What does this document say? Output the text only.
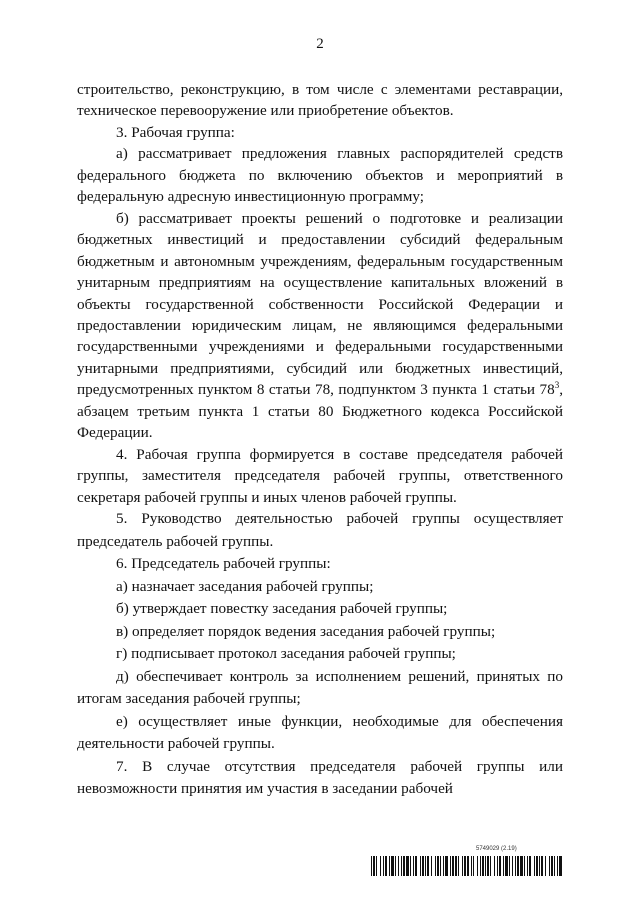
2

строительство, реконструкцию, в том числе с элементами реставрации, техническое перевооружение или приобретение объектов.

3. Рабочая группа:

а) рассматривает предложения главных распорядителей средств федерального бюджета по включению объектов и мероприятий в федеральную адресную инвестиционную программу;

б) рассматривает проекты решений о подготовке и реализации бюджетных инвестиций и предоставлении субсидий федеральным бюджетным и автономным учреждениям, федеральным государственным унитарным предприятиям на осуществление капитальных вложений в объекты государственной собственности Российской Федерации и предоставлении юридическим лицам, не являющимся федеральными государственными учреждениями и федеральными государственными унитарными предприятиями, субсидий или бюджетных инвестиций, предусмотренных пунктом 8 статьи 78, подпунктом 3 пункта 1 статьи $78^3$, абзацем третьим пункта 1 статьи 80 Бюджетного кодекса Российской Федерации.

4. Рабочая группа формируется в составе председателя рабочей группы, заместителя председателя рабочей группы, ответственного секретаря рабочей группы и иных членов рабочей группы.

5. Руководство деятельностью рабочей группы осуществляет председатель рабочей группы.

6. Председатель рабочей группы:

а) назначает заседания рабочей группы;

б) утверждает повестку заседания рабочей группы;

в) определяет порядок ведения заседания рабочей группы;

г) подписывает протокол заседания рабочей группы;

д) обеспечивает контроль за исполнением решений, принятых по итогам заседания рабочей группы;

е) осуществляет иные функции, необходимые для обеспечения деятельности рабочей группы.

7. В случае отсутствия председателя рабочей группы или невозможности принятия им участия в заседании рабочей

5749029 (2.19)
